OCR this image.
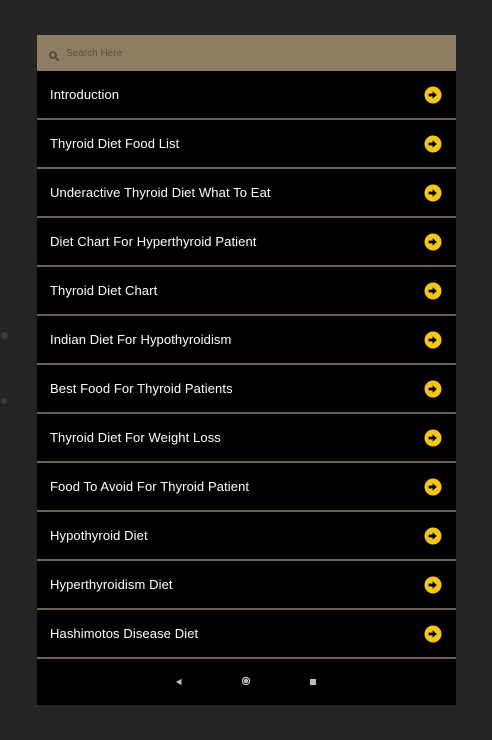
Search Here
Introduction
Thyroid Diet Food List
Underactive Thyroid Diet What To Eat
Diet Chart For Hyperthyroid Patient
Thyroid Diet Chart
Indian Diet For Hypothyroidism
Best Food For Thyroid Patients
Thyroid Diet For Weight Loss
Food To Avoid For Thyroid Patient
Hypothyroid Diet
Hyperthyroidism Diet
Hashimotos Disease Diet
